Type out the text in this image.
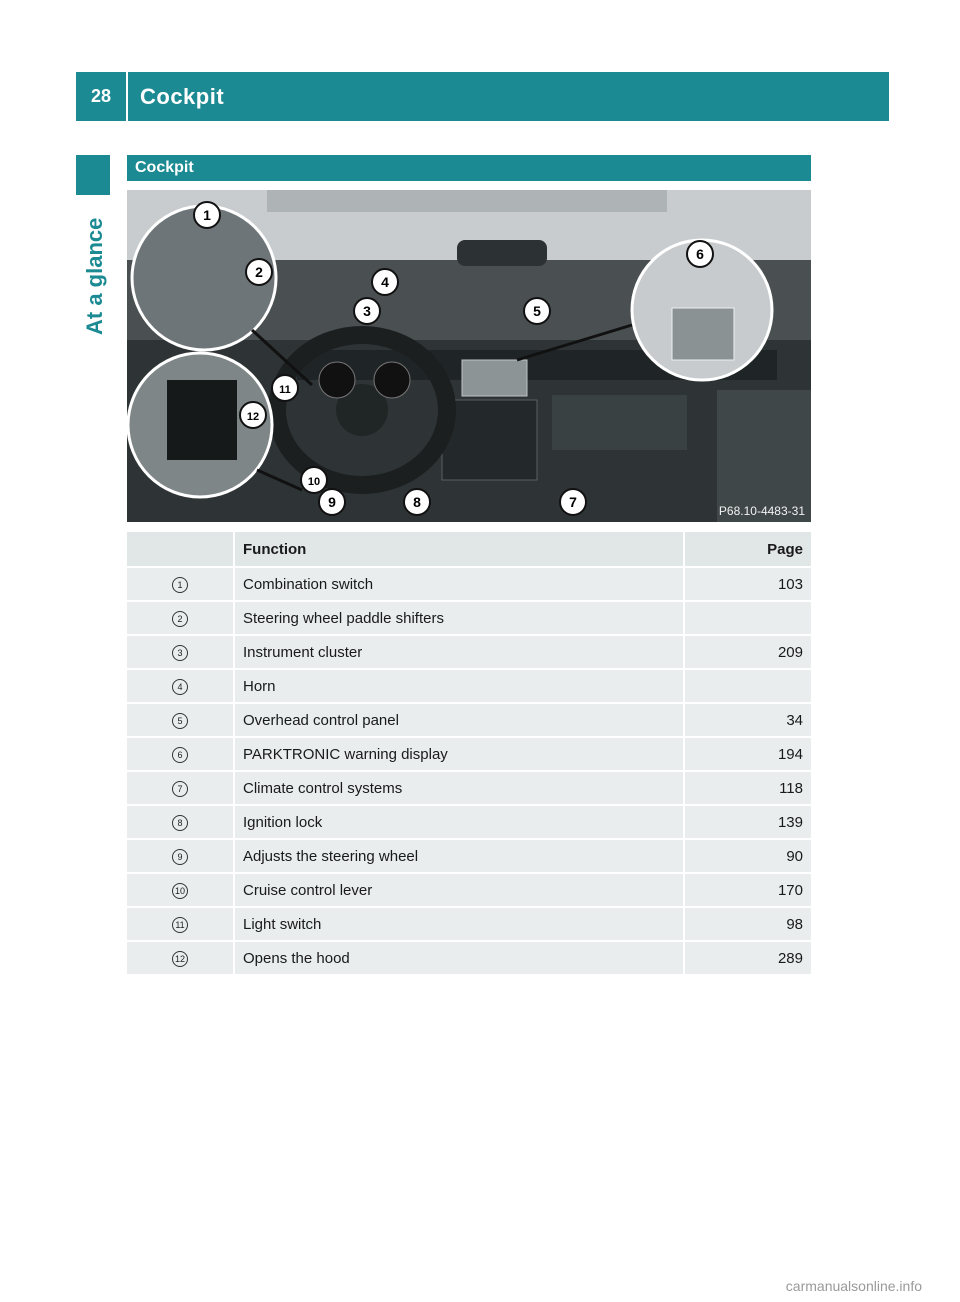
28	Cockpit
At a glance
Cockpit
1
2
3
4
5
6
7
8
9
10
11
12
P68.10-4483-31
	Function	Page
1	Combination switch	103
2	Steering wheel paddle shifters	
3	Instrument cluster	209
4	Horn	
5	Overhead control panel	34
6	PARKTRONIC warning display	194
7	Climate control systems	118
8	Ignition lock	139
9	Adjusts the steering wheel	90
10	Cruise control lever	170
11	Light switch	98
12	Opens the hood	289
carmanualsonline.info
